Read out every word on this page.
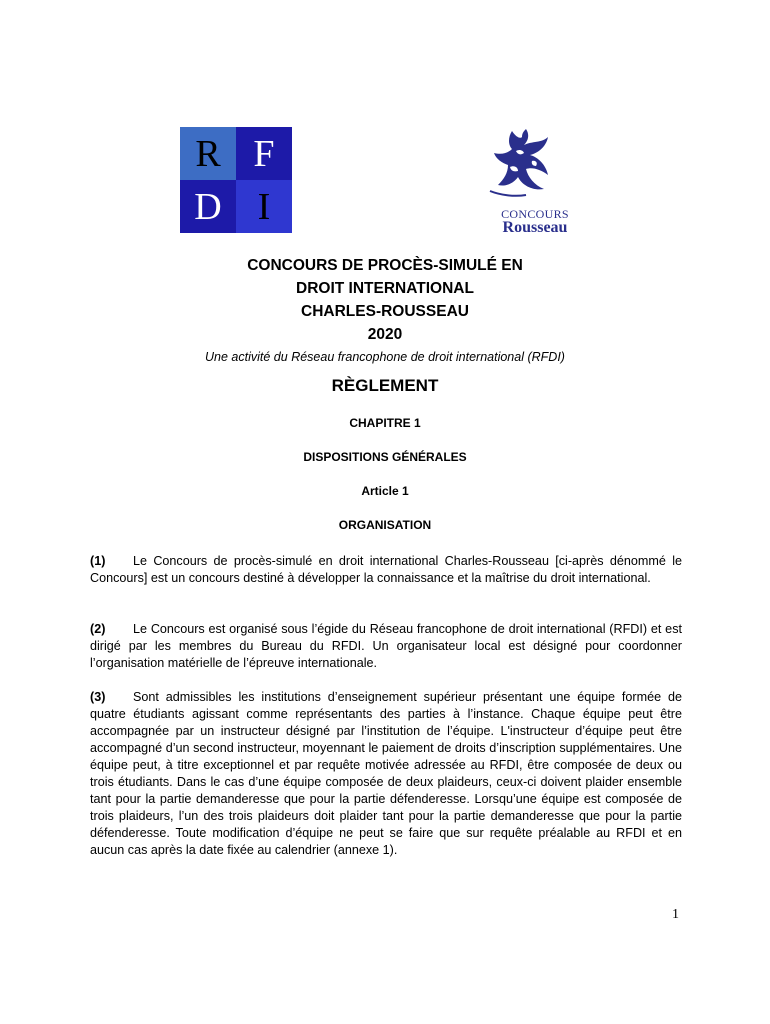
R F
D I	CONCOURS
Rousseau
CONCOURS DE PROCÈS-SIMULÉ EN
DROIT INTERNATIONAL
CHARLES-ROUSSEAU
2020
Une activité du Réseau francophone de droit international (RFDI)
RÈGLEMENT
CHAPITRE 1
DISPOSITIONS GÉNÉRALES
Article 1
ORGANISATION
(1) Le Concours de procès-simulé en droit international Charles-Rousseau [ci-après dénommé le Concours] est un concours destiné à développer la connaissance et la maîtrise du droit international.
(2) Le Concours est organisé sous l’égide du Réseau francophone de droit international (RFDI) et est dirigé par les membres du Bureau du RFDI. Un organisateur local est désigné pour coordonner l’organisation matérielle de l’épreuve internationale.
(3) Sont admissibles les institutions d’enseignement supérieur présentant une équipe formée de quatre étudiants agissant comme représentants des parties à l’instance. Chaque équipe peut être accompagnée par un instructeur désigné par l’institution de l’équipe. L'instructeur d’équipe peut être accompagné d’un second instructeur, moyennant le paiement de droits d’inscription supplémentaires. Une équipe peut, à titre exceptionnel et par requête motivée adressée au RFDI, être composée de deux ou trois étudiants. Dans le cas d’une équipe composée de deux plaideurs, ceux-ci doivent plaider ensemble tant pour la partie demanderesse que pour la partie défenderesse. Lorsqu’une équipe est composée de trois plaideurs, l’un des trois plaideurs doit plaider tant pour la partie demanderesse que pour la partie défenderesse. Toute modification d’équipe ne peut se faire que sur requête préalable au RFDI et en aucun cas après la date fixée au calendrier (annexe 1).
1
